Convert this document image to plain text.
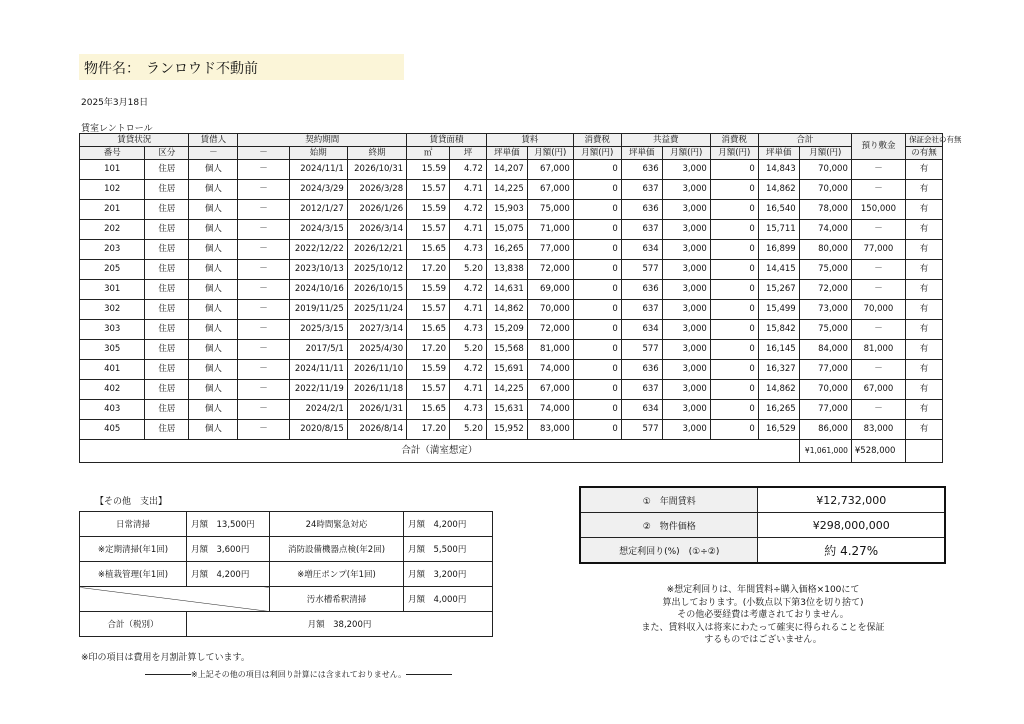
物件名： ランロウド不動前
2025年3月18日
賃室レントロール
賃貸状況		賃借人	契約期間			賃貸面積		賃料		消費税	共益費		消費税	合計		預り敷金	保証会社の有無
番号	区分	－	－	始期	終期	㎡	坪	坪単価	月額(円)	月額(円)	坪単価	月額(円)	月額(円)	坪単価	月額(円)		の有無
101	住居	個人	－	2024/11/1	2026/10/31	15.59	4.72	14,207	67,000	0	636	3,000	0	14,843	70,000	－	有
102	住居	個人	－	2024/3/29	2026/3/28	15.57	4.71	14,225	67,000	0	637	3,000	0	14,862	70,000	－	有
201	住居	個人	－	2012/1/27	2026/1/26	15.59	4.72	15,903	75,000	0	636	3,000	0	16,540	78,000	150,000	有
202	住居	個人	－	2024/3/15	2026/3/14	15.57	4.71	15,075	71,000	0	637	3,000	0	15,711	74,000	－	有
203	住居	個人	－	2022/12/22	2026/12/21	15.65	4.73	16,265	77,000	0	634	3,000	0	16,899	80,000	77,000	有
205	住居	個人	－	2023/10/13	2025/10/12	17.20	5.20	13,838	72,000	0	577	3,000	0	14,415	75,000	－	有
301	住居	個人	－	2024/10/16	2026/10/15	15.59	4.72	14,631	69,000	0	636	3,000	0	15,267	72,000	－	有
302	住居	個人	－	2019/11/25	2025/11/24	15.57	4.71	14,862	70,000	0	637	3,000	0	15,499	73,000	70,000	有
303	住居	個人	－	2025/3/15	2027/3/14	15.65	4.73	15,209	72,000	0	634	3,000	0	15,842	75,000	－	有
305	住居	個人	－	2017/5/1	2025/4/30	17.20	5.20	15,568	81,000	0	577	3,000	0	16,145	84,000	81,000	有
401	住居	個人	－	2024/11/11	2026/11/10	15.59	4.72	15,691	74,000	0	636	3,000	0	16,327	77,000	－	有
402	住居	個人	－	2022/11/19	2026/11/18	15.57	4.71	14,225	67,000	0	637	3,000	0	14,862	70,000	67,000	有
403	住居	個人	－	2024/2/1	2026/1/31	15.65	4.73	15,631	74,000	0	634	3,000	0	16,265	77,000	－	有
405	住居	個人	－	2020/8/15	2026/8/14	17.20	5.20	15,952	83,000	0	577	3,000	0	16,529	86,000	83,000	有
合計（満室想定）															¥1,061,000	¥528,000	
【その他　支出】
日常清掃	月額　13,500円	24時間緊急対応	月額　4,200円
※定期清掃(年1回)	月額　3,600円	消防設備機器点検(年2回)	月額　5,500円
※植栽管理(年1回)	月額　4,200円	※増圧ポンプ(年1回)	月額　3,200円
		汚水槽希釈清掃	月額　4,000円
合計（税別）	月額　38,200円		
※印の項目は費用を月割計算しています。
※上記その他の項目は利回り計算には含まれておりません。
①　年間賃料	¥12,732,000
②　物件価格	¥298,000,000
想定利回り(%)　(①÷②)	約 4.27%
※想定利回りは、年間賃料÷購入価格×100にて
算出しております。(小数点以下第3位を切り捨て)
その他必要経費は考慮されておりません。
また、賃料収入は将来にわたって確実に得られることを保証
するものではございません。
